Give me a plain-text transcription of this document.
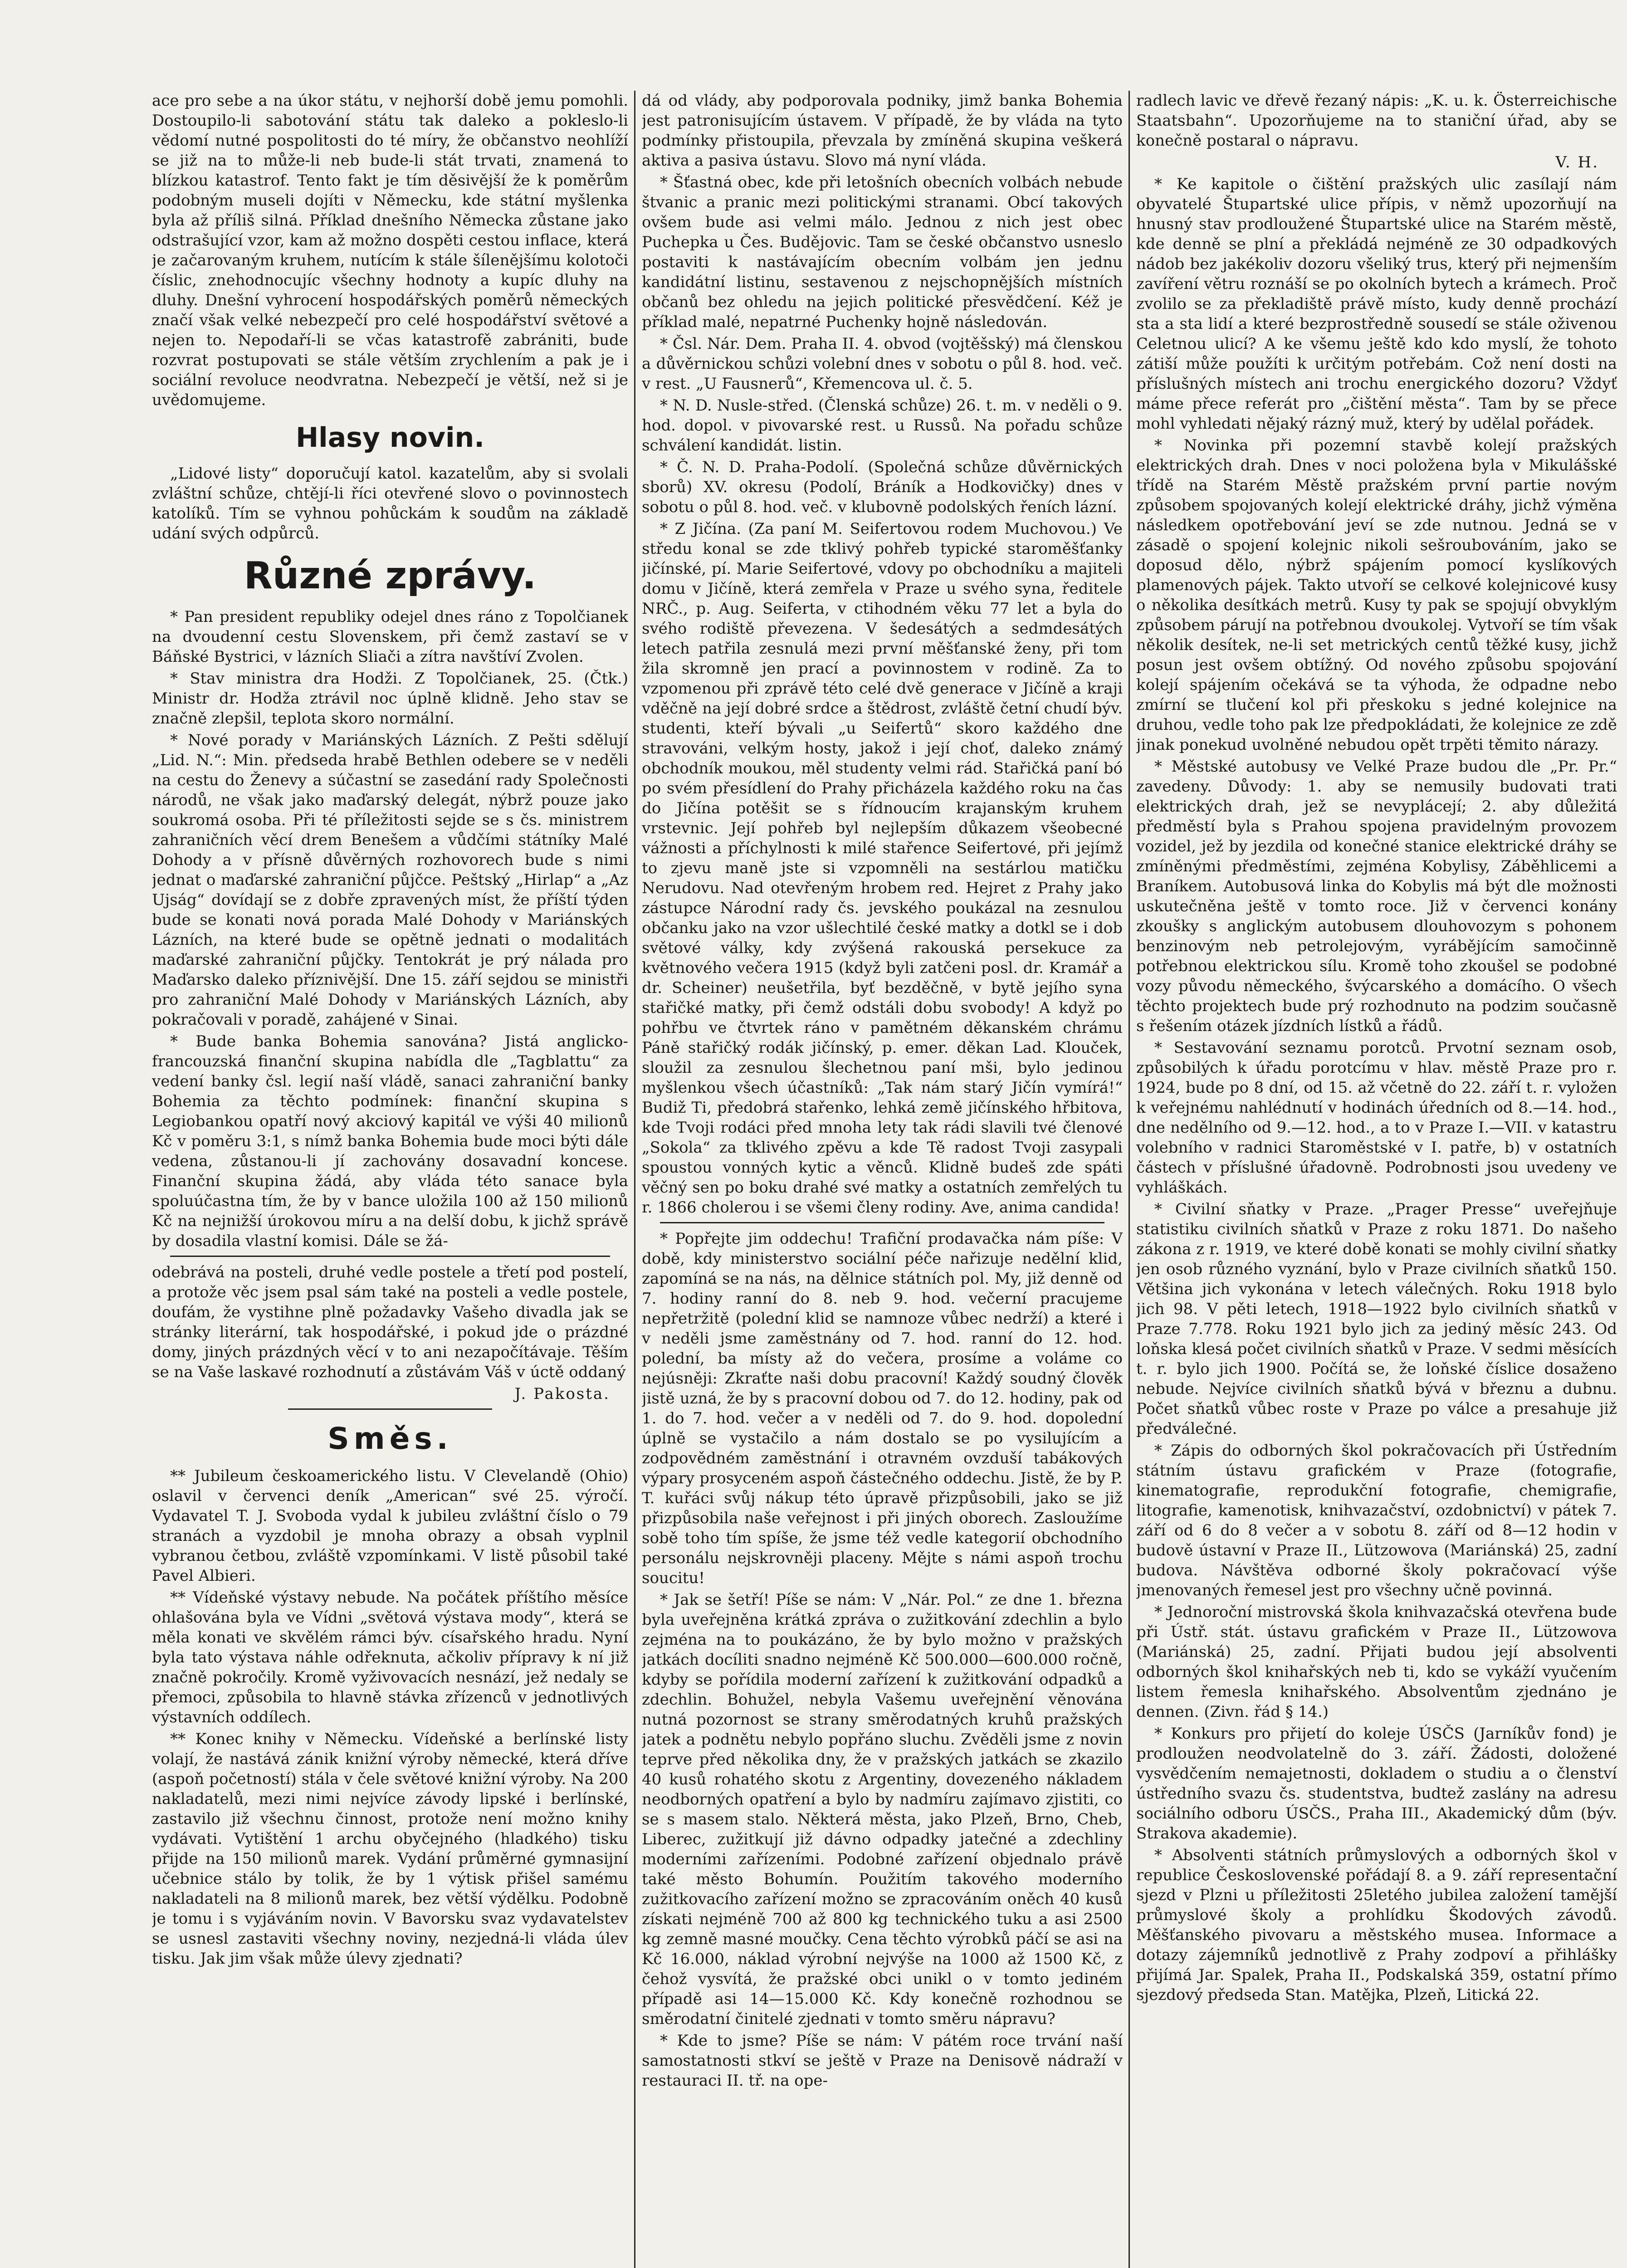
ace pro sebe a na úkor státu, v nejhorší době jemu pomohli. Dostoupilo-li sabotování státu tak daleko a pokleslo-li vědomí nutné pospolitosti do té míry, že občanstvo neohlíží se již na to může-li neb bude-li stát trvati, znamená to blízkou katastrof. Tento fakt je tím děsivější že k poměrům podobným museli dojíti v Německu, kde státní myšlenka byla až příliš silná. Příklad dnešního Německa zůstane jako odstrašující vzor, kam až možno dospěti cestou inflace, která je začarovaným kruhem, nutícím k stále šílenějšímu kolotoči číslic, znehodnocujíc všechny hodnoty a kupíc dluhy na dluhy. Dnešní vyhrocení hospodářských poměrů německých značí však velké nebezpečí pro celé hospodářství světové a nejen to. Nepodaří-li se včas katastrofě zabrániti, bude rozvrat postupovati se stále větším zrychlením a pak je i sociální revoluce neodvratna. Nebezpečí je větší, než si je uvědomujeme.

Hlasy novin.

„Lidové listy“ doporučují katol. kazatelům, aby si svolali zvláštní schůze, chtějí-li říci otevřené slovo o povinnostech katolíků. Tím se vyhnou pohůckám k soudům na základě udání svých odpůrců.

Různé zprávy.

* Pan president republiky odejel dnes ráno z Topolčianek na dvoudenní cestu Slovenskem, při čemž zastaví se v Báňské Bystrici, v lázních Sliači a zítra navštíví Zvolen.

* Stav ministra dra Hodži. Z Topolčianek, 25. (Čtk.) Ministr dr. Hodža ztrávil noc úplně klidně. Jeho stav se značně zlepšil, teplota skoro normální.

* Nové porady v Mariánských Lázních. Z Pešti sdělují „Lid. N.“: Min. předseda hrabě Bethlen odebere se v neděli na cestu do Ženevy a súčastní se zasedání rady Společnosti národů, ne však jako maďarský delegát, nýbrž pouze jako soukromá osoba. Při té příležitosti sejde se s čs. ministrem zahraničních věcí drem Benešem a vůdčími státníky Malé Dohody a v přísně důvěrných rozhovorech bude s nimi jednat o maďarské zahraniční půjčce. Peštský „Hirlap“ a „Az Ujság“ dovídají se z dobře zpravených míst, že příští týden bude se konati nová porada Malé Dohody v Mariánských Lázních, na které bude se opětně jednati o modalitách maďarské zahraniční půjčky. Tentokrát je prý náladа pro Maďarsko daleko příznivější. Dne 15. září sejdou se ministři pro zahraniční Malé Dohody v Mariánských Lázních, aby pokračovali v poradě, zahájené v Sinai.

* Bude banka Bohemia sanována? Jistá anglicko-francouzská finanční skupina nabídla dle „Tagblattu“ za vedení banky čsl. legií naší vládě, sanaci zahraniční banky Bohemia za těchto podmínek: finanční skupina s Legiobankou opatří nový akciový kapitál ve výši 40 milionů Kč v poměru 3:1, s nímž banka Bohemia bude moci býti dále vedena, zůstanou-li jí zachovány dosavadní koncese. Finanční skupina žádá, aby vláda této sanace byla spoluúčastna tím, že by v bance uložila 100 až 150 milionů Kč na nejnižší úrokovou míru a na delší dobu, k jichž správě by dosadila vlastní komisi. Dále se žá-

odebrává na posteli, druhé vedle postele a třetí pod postelí, a protože věc jsem psal sám také na posteli a vedle postele, doufám, že vystihne plně požadavky Vašeho divadla jak se stránky literární, tak hospodářské, i pokud jde o prázdné domy, jiných prázdných věcí v to ani nezapočítávaje. Těším se na Vaše laskavé rozhodnutí a zůstávám Váš v úctě oddaný

J. Pakosta.

Směs.

** Jubileum českoamerického listu. V Clevelandě (Ohio) oslavil v červenci deník „American“ své 25. výročí. Vydavatel T. J. Svoboda vydal k jubileu zvláštní číslo o 79 stranách a vyzdobil je mnoha obrazy a obsah vyplnil vybranou četbou, zvláště vzpomínkami. V listě působil také Pavel Albieri.

** Vídeňské výstavy nebude. Na počátek příštího měsíce ohlašována byla ve Vídni „světová výstava mody“, která se měla konati ve skvělém rámci býv. císařského hradu. Nyní byla tato výstava náhle odřeknuta, ačkoliv přípravy k ní již značně pokročily. Kromě vyživovacích nesnází, jež nedaly se přemoci, způsobila to hlavně stávka zřízenců v jednotlivých výstavních oddílech.

** Konec knihy v Německu. Vídeňské a berlínské listy volají, že nastává zánik knižní výroby německé, která dříve (aspoň početností) stála v čele světové knižní výroby. Na 200 nakladatelů, mezi nimi nejvíce závody lipské i berlínské, zastavilo již všechnu činnost, protože není možno knihy vydávati. Vytištění 1 archu obyčejného (hladkého) tisku přijde na 150 milionů marek. Vydání průměrné gymnasijní učebnice stálo by tolik, že by 1 výtisk přišel samému nakladateli na 8 milionů marek, bez větší výdělku. Podobně je tomu i s vyjáváním novin. V Bavorsku svaz vydavatelstev se usnesl zastaviti všechny noviny, nezjedná-li vláda úlev tisku. Jak jim však může úlevy zjednati?

dá od vlády, aby podporovala podniky, jimž banka Bohemia jest patronisujícím ústavem. V případě, že by vláda na tyto podmínky přistoupila, převzala by zmíněná skupina veškerá aktiva a pasiva ústavu. Slovo má nyní vláda.

* Šťastná obec, kde při letošních obecních volbách nebude štvanic a pranic mezi politickými stranami. Obcí takových ovšem bude asi velmi málo. Jednou z nich jest obec Puchерka u Čes. Budějovic. Tam se české občanstvo usneslo postaviti k nastávajícím obecním volbám jen jednu kandidátní listinu, sestavenou z nejschopnějších místních občanů bez ohledu na jejich politické přesvědčení. Kéž je příklad malé, nepatrné Puchenky hojně následován.

* Čsl. Nár. Dem. Praha II. 4. obvod (vojtěšský) má členskou a důvěrnickou schůzi volební dnes v sobotu o půl 8. hod. več. v rest. „U Fausnerů“, Křemencova ul. č. 5.

* N. D. Nusle-střed. (Členská schůze) 26. t. m. v neděli o 9. hod. dopol. v pivovarské rest. u Russů. Na pořadu schůze schválení kandidát. listin.

* Č. N. D. Praha-Podolí. (Společná schůze důvěrnických sborů) XV. okresu (Podolí, Bráník a Hodkovičky) dnes v sobotu o půl 8. hod. več. v klubovně podolských řeních lázní.

* Z Jičína. (Za paní M. Seifertovou rodem Muchovou.) Ve středu konal se zde tklivý pohřeb typické staroměšťanky jičínské, pí. Marie Seifertové, vdovy po obchodníku a majiteli domu v Jičíně, která zemřela v Praze u svého syna, ředitele NRČ., p. Aug. Seiferta, v ctihodném věku 77 let a byla do svého rodiště převezena. V šedesátých a sedmdesátých letech patřila zesnulá mezi první měšťanské ženy, při tom žila skromně jen prací a povinnostem v rodině. Za to vzpomenou při zprávě této celé dvě generace v Jičíně a kraji vděčně na její dobré srdce a štědrost, zvláště četní chudí býv. studenti, kteří bývali „u Seifertů“ skoro každého dne stravováni, velkým hosty, jakož i její choť, daleko známý obchodník moukou, měl studenty velmi rád. Stařičká paní bó po svém přesídlení do Prahy přicházela každého roku na čas do Jičína potěšit se s řídnoucím krajanským kruhem vrstevnic. Její pohřeb byl nejlepším důkazem všeobecné vážnosti a příchylnosti k milé stařence Seifertové, při jejímž to zjevu maně jste si vzpomněli na sestárlou matičku Nerudovu. Nad otevřeným hrobem red. Hejret z Prahy jako zástupce Národní rady čs. jevského poukázal na zesnulou občanku jako na vzor ušlechtilé české matky a dotkl se i dob světové války, kdy zvýšená rakouská persekuce za květnového večera 1915 (když byli zatčeni posl. dr. Kramář a dr. Scheiner) neušetřila, byť bezděčně, v bytě jejího syna stařičké matky, při čemž odstáli dobu svobody! A když po pohřbu ve čtvrtek ráno v pamětném děkanském chrámu Páně stařičký rodák jičínský, p. emer. děkan Lad. Klouček, sloužil za zesnulou šlechetnou paní mši, bylo jedinou myšlenkou všech účastníků: „Tak nám starý Jičín vymírá!“ Budiž Ti, předobrá stařenko, lehká země jičínského hřbitova, kde Tvoji rodáci před mnoha lety tak rádi slavili tvé členové „Sokola“ za tklivého zpěvu a kde Tě radost Tvoji zasypali spoustou vonných kytic a věnců. Klidně budeš zde spáti věčný sen po boku drahé své matky a ostatních zemřelých tu r. 1866 cholerou i se všemi členy rodiny. Ave, anima candida!

* Popřejte jim oddechu! Trafiční prodavačka nám píše: V době, kdy ministerstvo sociální péče nařizuje nedělní klid, zapomíná se na nás, na dělnice státních pol. My, již denně od 7. hodiny ranní do 8. neb 9. hod. večerní pracujeme nepřetržitě (polední klid se namnoze vůbec nedrží) a které i v neděli jsme zaměstnány od 7. hod. ranní do 12. hod. polední, ba místy až do večera, prosíme a voláme co nejúsněji: Zkraťte naši dobu pracovní! Každý soudný člověk jistě uzná, že by s pracovní dobou od 7. do 12. hodiny, pak od 1. do 7. hod. večer a v neděli od 7. do 9. hod. dopolední úplně se vystačilo a nám dostalo se po vysilujícím a zodpovědném zaměstnání i otravném ovzduší tabákových výpary prosyceném aspoň částečného oddechu. Jistě, že by P. T. kuřáci svůj nákup této úpravě přizpůsobili, jako se již přizpůsobila naše veřejnost i při jiných oborech. Zasloužíme sobě toho tím spíše, že jsme též vedle kategorií obchodního personálu nejskrovněji placeny. Mějte s námi aspoň trochu soucitu!

* Jak se šetří! Píše se nám: V „Nár. Pol.“ ze dne 1. března byla uveřejněna krátká zpráva o zužitkování zdechlin a bylo zejména na to poukázáno, že by bylo možno v pražských jatkách docíliti snadno nejméně Kč 500.000—600.000 ročně, kdyby se pořídila moderní zařízení k zužitkování odpadků a zdechlin. Bohužel, nebyla Vašemu uveřejnění věnována nutná pozornost se strany směrodatných kruhů pražských jatek a podnětu nebylo popřáno sluchu. Zvěděli jsme z novin teprve před několika dny, že v pražských jatkách se zkazilo 40 kusů rohatého skotu z Argentiny, dovezeného nákladem neodborných opatření a bylo by nadmíru zajímavo zjistiti, co se s masem stalo. Některá města, jako Plzeň, Brno, Cheb, Liberec, zužitkují již dávno odpadky jatečné a zdechliny moderními zařízeními. Podobné zařízení objednalo právě také město Bohumín. Použitím takového moderního zužitkovacího zařízení možno se zpracováním oněch 40 kusů získati nejméně 700 až 800 kg technického tuku a asi 2500 kg zemně masné moučky. Cena těchto výrobků páčí se asi na Kč 16.000, náklad výrobní nejvýše na 1000 až 1500 Kč, z čehož vysvítá, že pražské obci unikl o v tomto jediném případě asi 14—15.000 Kč. Kdy konečně rozhodnou se směrodatní činitelé zjednati v tomto směru nápravu?

* Kde to jsme? Píše se nám: V pátém roce trvání naší samostatnosti stkví se ještě v Praze na Denisově nádraží v restauraci II. tř. na ope-

radlech lavic ve dřevě řezaný nápis: „K. u. k. Österreichische Staatsbahn“. Upozorňujeme na to staniční úřad, aby se konečně postaral o nápravu.

V. H.

* Ke kapitole o čištění pražských ulic zasílají nám obyvatelé Štupartské ulice přípis, v němž upozorňují na hnusný stav prodloužené Štupartské ulice na Starém městě, kde denně se plní a překládá nejméně ze 30 odpadkových nádob bez jakékoliv dozoru všeliký trus, který při nejmenším zavíření větru roznáší se po okolních bytech a krámech. Proč zvolilo se za překladiště právě místo, kudy denně prochází sta a sta lidí a které bezprostředně sousedí se stále oživenou Celetnou ulicí? A ke všemu ještě kdo kdo myslí, že tohoto zátiší může použíti k určitým potřebám. Což není dosti na příslušných místech ani trochu energického dozoru? Vždyť máme přece referát pro „čištění města“. Tam by se přece mohl vyhledati nějaký rázný muž, který by udělal pořádek.

* Novinka při pozemní stavbě kolejí pražských elektrických drah. Dnes v noci položena byla v Mikulášské třídě na Starém Městě pražském první partie novým způsobem spojovaných kolejí elektrické dráhy, jichž výměna následkem opotřebování jeví se zde nutnou. Jedná se v zásadě o spojení kolejnic nikoli sešroubováním, jako se doposud dělo, nýbrž spájením pomocí kyslíkových plamenových pájek. Takto utvoří se celkové kolejnicové kusy o několika desítkách metrů. Kusy ty pak se spojují obvyklým způsobem párují na potřebnou dvoukolej. Vytvoří se tím však několik desítek, ne-li set metrických centů těžké kusy, jichž posun jest ovšem obtížný. Od nového způsobu spojování kolejí spájením očekává se ta výhoda, že odpadne nebo zmírní se tlučení kol při přeskoku s jedné kolejnice na druhou, vedle toho pak lze předpokládati, že kolejnice ze zdě jinak ponekud uvolněné nebudou opět trpěti těmito nárazy.

* Městské autobusy ve Velké Praze budou dle „Pr. Pr.“ zavedeny. Důvody: 1. aby se nemusily budovati trati elektrických drah, jež se nevyplácejí; 2. aby důležitá předměstí byla s Prahou spojena pravidelným provozem vozidel, jež by jezdila od konečné stanice elektrické dráhy se zmíněnými předměstími, zejména Kobylisy, Záběhlicemi a Braníkem. Autobusová linka do Kobylis má být dle možnosti uskutečněna ještě v tomto roce. Již v červenci konány zkoušky s anglickým autobusem dlouhovozym s pohonem benzinovým neb petrolejovým, vyrábějícím samočinně potřebnou elektrickou sílu. Kromě toho zkoušel se podobné vozy původu německého, švýcarského a domácího. O všech těchto projektech bude prý rozhodnuto na podzim současně s řešením otázek jízdních lístků a řádů.

* Sestavování seznamu porotců. Prvotní seznam osob, způsobilých k úřadu porotcímu v hlav. městě Praze pro r. 1924, bude po 8 dní, od 15. až včetně do 22. září t. r. vyložen k veřejnému nahlédnutí v hodinách úředních od 8.—14. hod., dne nedělního od 9.—12. hod., a to v Praze I.—VII. v katastru volebního v radnici Staroměstské v I. patře, b) v ostatních částech v příslušné úřadovně. Podrobnosti jsou uvedeny ve vyhláškách.

* Civilní sňatky v Praze. „Prager Presse“ uveřejňuje statistiku civilních sňatků v Praze z roku 1871. Do našeho zákona z r. 1919, ve které době konati se mohly civilní sňatky jen osob různého vyznání, bylo v Praze civilních sňatků 150. Většina jich vykonána v letech válečných. Roku 1918 bylo jich 98. V pěti letech, 1918—1922 bylo civilních sňatků v Praze 7.778. Roku 1921 bylo jich za jediný měsíc 243. Od loňska klesá počet civilních sňatků v Praze. V sedmi měsících t. r. bylo jich 1900. Počítá se, že loňské číslice dosaženo nebude. Nejvíce civilních sňatků bývá v březnu a dubnu. Počet sňatků vůbec roste v Praze po válce a presahuje již předválečné.

* Zápis do odborných škol pokračovacích při Ústředním státním ústavu grafickém v Praze (fotografie, kinematografie, reprodukční fotografie, chemigrafie, litografie, kamenotisk, knihvazačství, ozdobnictví) v pátek 7. září od 6 do 8 večer a v sobotu 8. září od 8—12 hodin v budově ústavní v Praze II., Lützowova (Mariánská) 25, zadní budova. Návštěva odborné školy pokračovací výše jmenovaných řemesel jest pro všechny učně povinná.

* Jednoroční mistrovská škola knihvazačská otevřena bude při Ústř. stát. ústavu grafickém v Praze II., Lützowova (Mariánská) 25, zadní. Přijati budou její absolventi odborných škol knihařských neb ti, kdo se vykáží vyučením listem řemesla knihařského. Absolventům zjednáno je dennen. (Zivn. řád § 14.)

* Konkurs pro přijetí do koleje ÚSČS (Jarníkův fond) je prodloužen neodvolatelně do 3. září. Žádosti, doložené vysvědčením nemajetnosti, dokladem o studiu a o členství ústředního svazu čs. studentstva, budtež zaslány na adresu sociálního odboru ÚSČS., Praha III., Akademický dům (býv. Strakova akademie).

* Absolventi státních průmyslových a odborných škol v republice Československé pořádají 8. a 9. září representační sjezd v Plzni u příležitosti 25letého jubilea založení tamější průmyslové školy a prohlídku Škodových závodů. Měšťanského pivovaru a městského musea. Informace a dotazy zájemníků jednotlivě z Prahy zodpoví a přihlášky přijímá Jar. Spalek, Praha II., Podskalská 359, ostatní přímo sjezdový předseda Stan. Matějka, Plzeň, Litická 22.
